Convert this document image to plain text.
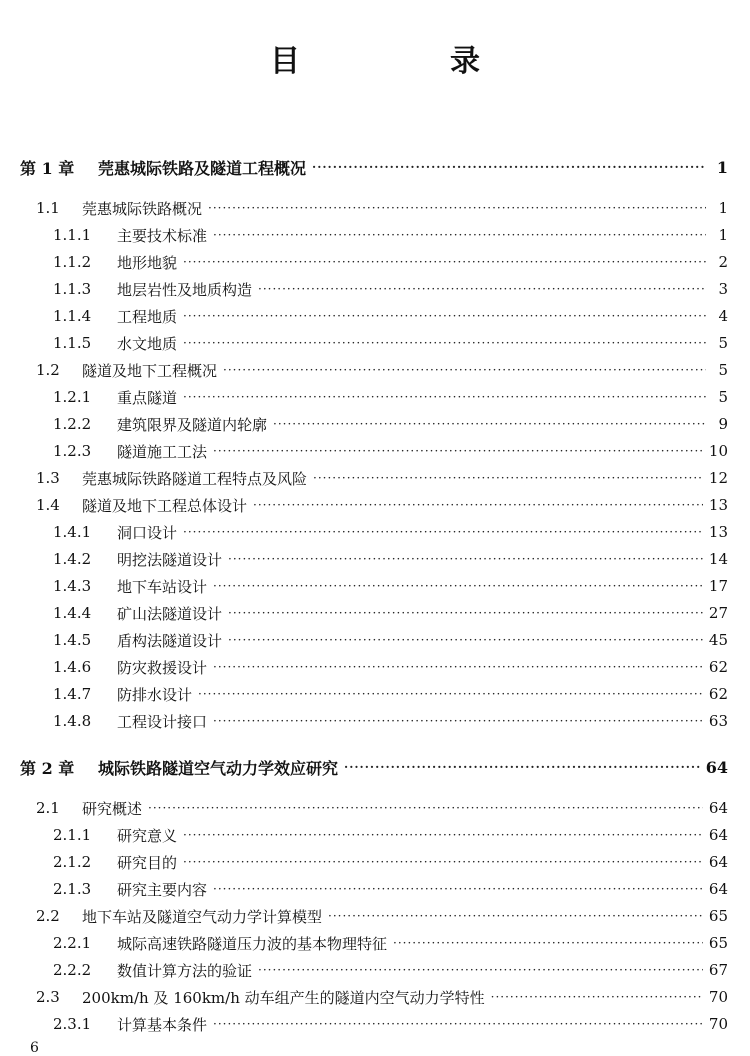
目　录
第 1 章	莞惠城际铁路及隧道工程概况 ·····	1
1.1	莞惠城际铁路概况 ·····	1
1.1.1	主要技术标准 ·····	1
1.1.2	地形地貌 ·····	2
1.1.3	地层岩性及地质构造 ·····	3
1.1.4	工程地质 ·····	4
1.1.5	水文地质 ·····	5
1.2	隧道及地下工程概况 ·····	5
1.2.1	重点隧道 ·····	5
1.2.2	建筑限界及隧道内轮廓 ·····	9
1.2.3	隧道施工工法 ·····	10
1.3	莞惠城际铁路隧道工程特点及风险 ·····	12
1.4	隧道及地下工程总体设计 ·····	13
1.4.1	洞口设计 ·····	13
1.4.2	明挖法隧道设计 ·····	14
1.4.3	地下车站设计 ·····	17
1.4.4	矿山法隧道设计 ·····	27
1.4.5	盾构法隧道设计 ·····	45
1.4.6	防灾救援设计 ·····	62
1.4.7	防排水设计 ·····	62
1.4.8	工程设计接口 ·····	63
第 2 章	城际铁路隧道空气动力学效应研究 ·····	64
2.1	研究概述 ·····	64
2.1.1	研究意义 ·····	64
2.1.2	研究目的 ·····	64
2.1.3	研究主要内容 ·····	64
2.2	地下车站及隧道空气动力学计算模型 ·····	65
2.2.1	城际高速铁路隧道压力波的基本物理特征 ·····	65
2.2.2	数值计算方法的验证 ·····	67
2.3	200km/h 及 160km/h 动车组产生的隧道内空气动力学特性 ·····	70
2.3.1	计算基本条件 ·····	70
6
